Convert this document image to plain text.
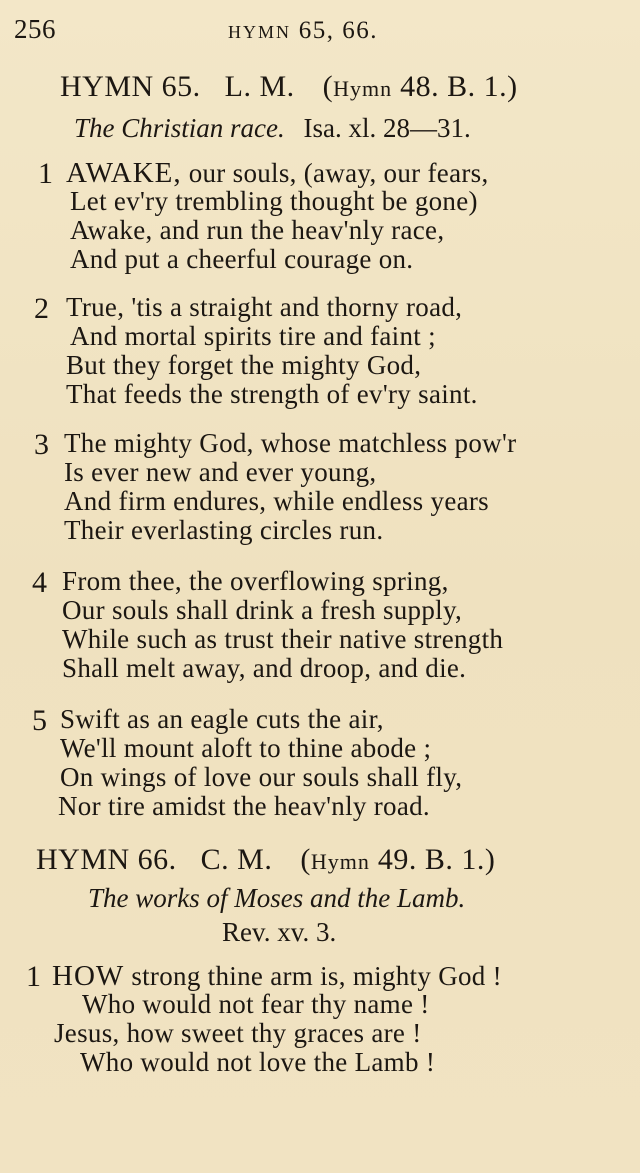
256	HYMN 65, 66.
HYMN 65. L. M. (Hymn 48. B. 1.)
The Christian race. Isa. xl. 28—31.
1 AWAKE, our souls, (away, our fears,
Let ev'ry trembling thought be gone)
Awake, and run the heav'nly race,
And put a cheerful courage on.
2 True, 'tis a straight and thorny road,
And mortal spirits tire and faint ;
But they forget the mighty God,
That feeds the strength of ev'ry saint.
3 The mighty God, whose matchless pow'r
Is ever new and ever young,
And firm endures, while endless years
Their everlasting circles run.
4 From thee, the overflowing spring,
Our souls shall drink a fresh supply,
While such as trust their native strength
Shall melt away, and droop, and die.
5 Swift as an eagle cuts the air,
We'll mount aloft to thine abode ;
On wings of love our souls shall fly,
Nor tire amidst the heav'nly road.
HYMN 66. C. M. (Hymn 49. B. 1.)
The works of Moses and the Lamb.
Rev. xv. 3.
1 HOW strong thine arm is, mighty God !
Who would not fear thy name !
Jesus, how sweet thy graces are !
Who would not love the Lamb !
